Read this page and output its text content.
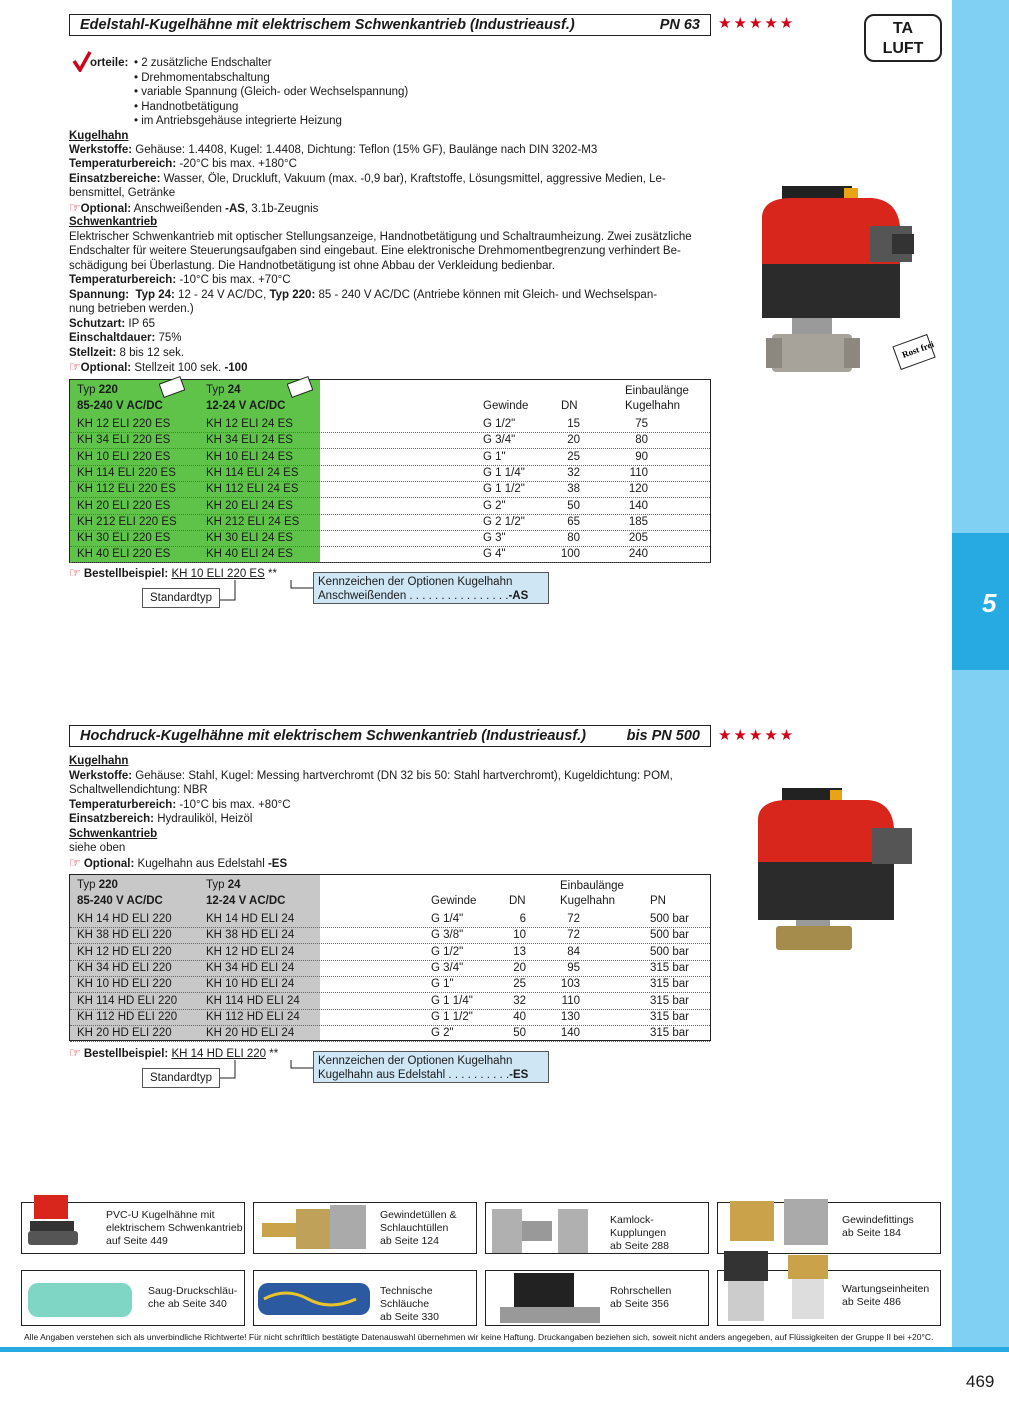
5
TA
LUFT
Edelstahl-Kugelhähne mit elektrischem Schwenkantrieb (Industrieausf.)	PN 63 ★★★★★
orteile: • 2 zusätzliche Endschalter
• Drehmomentabschaltung
• variable Spannung (Gleich- oder Wechselspannung)
• Handnotbetätigung
• im Antriebsgehäuse integrierte Heizung
Kugelhahn
Werkstoffe: Gehäuse: 1.4408, Kugel: 1.4408, Dichtung: Teflon (15% GF), Baulänge nach DIN 3202-M3
Temperaturbereich: -20°C bis max. +180°C
Einsatzbereiche: Wasser, Öle, Druckluft, Vakuum (max. -0,9 bar), Kraftstoffe, Lösungsmittel, aggressive Medien, Le-
bensmittel, Getränke
☞Optional: Anschweißenden -AS, 3.1b-Zeugnis
Schwenkantrieb
Elektrischer Schwenkantrieb mit optischer Stellungsanzeige, Handnotbetätigung und Schaltraumheizung. Zwei zusätzliche
Endschalter für weitere Steuerungsaufgaben sind eingebaut. Eine elektronische Drehmomentbegrenzung verhindert Be-
schädigung bei Überlastung. Die Handnotbetätigung ist ohne Abbau der Verkleidung bedienbar.
Temperaturbereich: -10°C bis max. +70°C
Spannung: Typ 24: 12 - 24 V AC/DC, Typ 220: 85 - 240 V AC/DC (Antriebe können mit Gleich- und Wechselspan-
nung betrieben werden.)
Schutzart: IP 65
Einschaltdauer: 75%
Stellzeit: 8 bis 12 sek.
☞Optional: Stellzeit 100 sek. -100
Rost frei
Typ 220
85-240 V AC/DC
Typ 24
12-24 V AC/DC	Gewinde	DN
Einbaulänge
Kugelhahn
KH 12 ELI 220 ES	KH 12 ELI 24 ES	G 1/2"	15	75
KH 34 ELI 220 ES	KH 34 ELI 24 ES	G 3/4"	20	80
KH 10 ELI 220 ES	KH 10 ELI 24 ES	G 1"	25	90
KH 114 ELI 220 ES	KH 114 ELI 24 ES	G 1 1/4"	32	110
KH 112 ELI 220 ES	KH 112 ELI 24 ES	G 1 1/2"	38	120
KH 20 ELI 220 ES	KH 20 ELI 24 ES	G 2"	50	140
KH 212 ELI 220 ES	KH 212 ELI 24 ES	G 2 1/2"	65	185
KH 30 ELI 220 ES	KH 30 ELI 24 ES	G 3"	80	205
KH 40 ELI 220 ES	KH 40 ELI 24 ES	G 4"	100	240
☞ Bestellbeispiel: KH 10 ELI 220 ES **
Standardtyp
Kennzeichen der Optionen Kugelhahn
Anschweißenden . . . . . . . . . . . . . . . .-AS
Hochdruck-Kugelhähne mit elektrischem Schwenkantrieb (Industrieausf.)	bis PN 500 ★★★★★
Kugelhahn
Werkstoffe: Gehäuse: Stahl, Kugel: Messing hartverchromt (DN 32 bis 50: Stahl hartverchromt), Kugeldichtung: POM,
Schaltwellendichtung: NBR
Temperaturbereich: -10°C bis max. +80°C
Einsatzbereich: Hydrauliköl, Heizöl
Schwenkantrieb
siehe oben
☞ Optional: Kugelhahn aus Edelstahl -ES
Typ 220
85-240 V AC/DC
Typ 24
12-24 V AC/DC	Gewinde	DN
Einbaulänge
Kugelhahn	PN
KH 14 HD ELI 220	KH 14 HD ELI 24	G 1/4"	6	72	500 bar
KH 38 HD ELI 220	KH 38 HD ELI 24	G 3/8"	10	72	500 bar
KH 12 HD ELI 220	KH 12 HD ELI 24	G 1/2"	13	84	500 bar
KH 34 HD ELI 220	KH 34 HD ELI 24	G 3/4"	20	95	315 bar
KH 10 HD ELI 220	KH 10 HD ELI 24	G 1"	25	103	315 bar
KH 114 HD ELI 220	KH 114 HD ELI 24	G 1 1/4"	32	110	315 bar
KH 112 HD ELI 220	KH 112 HD ELI 24	G 1 1/2"	40	130	315 bar
KH 20 HD ELI 220	KH 20 HD ELI 24	G 2"	50	140	315 bar
☞ Bestellbeispiel: KH 14 HD ELI 220 **
Standardtyp
Kennzeichen der Optionen Kugelhahn
Kugelhahn aus Edelstahl . . . . . . . . . .-ES
PVC-U Kugelhähne mit
elektrischem Schwenkantrieb
auf Seite 449
Gewindetüllen &
Schlauchtüllen
ab Seite 124
Kamlock-Kupplungen
ab Seite 288
Gewindefittings
ab Seite 184
Saug-Druckschläu-
che ab Seite 340
Technische Schläuche
ab Seite 330
Rohrschellen
ab Seite 356
Wartungseinheiten
ab Seite 486
Alle Angaben verstehen sich als unverbindliche Richtwerte! Für nicht schriftlich bestätigte Datenauswahl übernehmen wir keine Haftung. Druckangaben beziehen sich, soweit nicht anders angegeben, auf Flüssigkeiten der Gruppe II bei +20°C.
469
